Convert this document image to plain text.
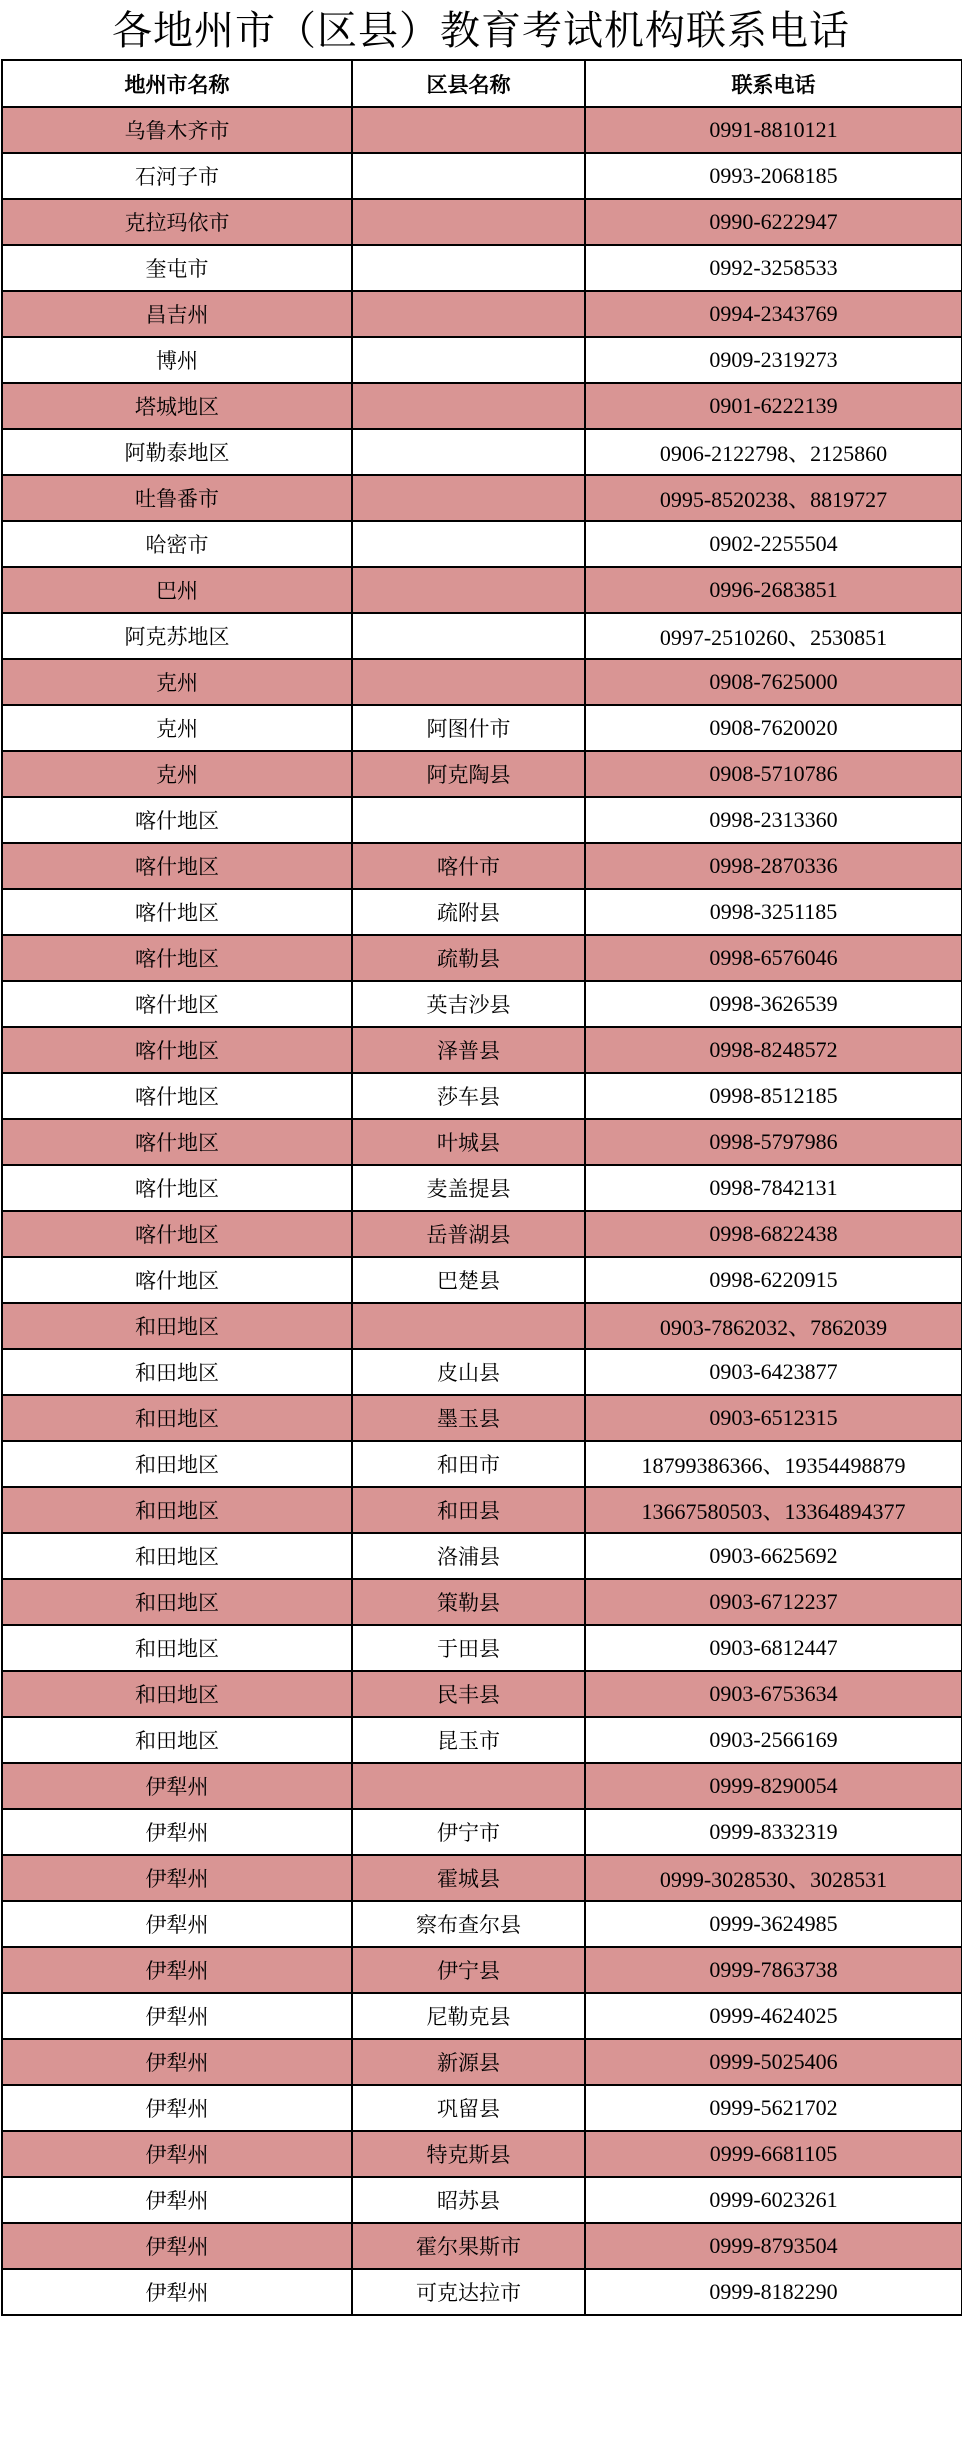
各地州市（区县）教育考试机构联系电话
地州市名称	区县名称	联系电话
乌鲁木齐市		0991-8810121
石河子市		0993-2068185
克拉玛依市		0990-6222947
奎屯市		0992-3258533
昌吉州		0994-2343769
博州		0909-2319273
塔城地区		0901-6222139
阿勒泰地区		0906-2122798、2125860
吐鲁番市		0995-8520238、8819727
哈密市		0902-2255504
巴州		0996-2683851
阿克苏地区		0997-2510260、2530851
克州		0908-7625000
克州	阿图什市	0908-7620020
克州	阿克陶县	0908-5710786
喀什地区		0998-2313360
喀什地区	喀什市	0998-2870336
喀什地区	疏附县	0998-3251185
喀什地区	疏勒县	0998-6576046
喀什地区	英吉沙县	0998-3626539
喀什地区	泽普县	0998-8248572
喀什地区	莎车县	0998-8512185
喀什地区	叶城县	0998-5797986
喀什地区	麦盖提县	0998-7842131
喀什地区	岳普湖县	0998-6822438
喀什地区	巴楚县	0998-6220915
和田地区		0903-7862032、7862039
和田地区	皮山县	0903-6423877
和田地区	墨玉县	0903-6512315
和田地区	和田市	18799386366、19354498879
和田地区	和田县	13667580503、13364894377
和田地区	洛浦县	0903-6625692
和田地区	策勒县	0903-6712237
和田地区	于田县	0903-6812447
和田地区	民丰县	0903-6753634
和田地区	昆玉市	0903-2566169
伊犁州		0999-8290054
伊犁州	伊宁市	0999-8332319
伊犁州	霍城县	0999-3028530、3028531
伊犁州	察布查尔县	0999-3624985
伊犁州	伊宁县	0999-7863738
伊犁州	尼勒克县	0999-4624025
伊犁州	新源县	0999-5025406
伊犁州	巩留县	0999-5621702
伊犁州	特克斯县	0999-6681105
伊犁州	昭苏县	0999-6023261
伊犁州	霍尔果斯市	0999-8793504
伊犁州	可克达拉市	0999-8182290
